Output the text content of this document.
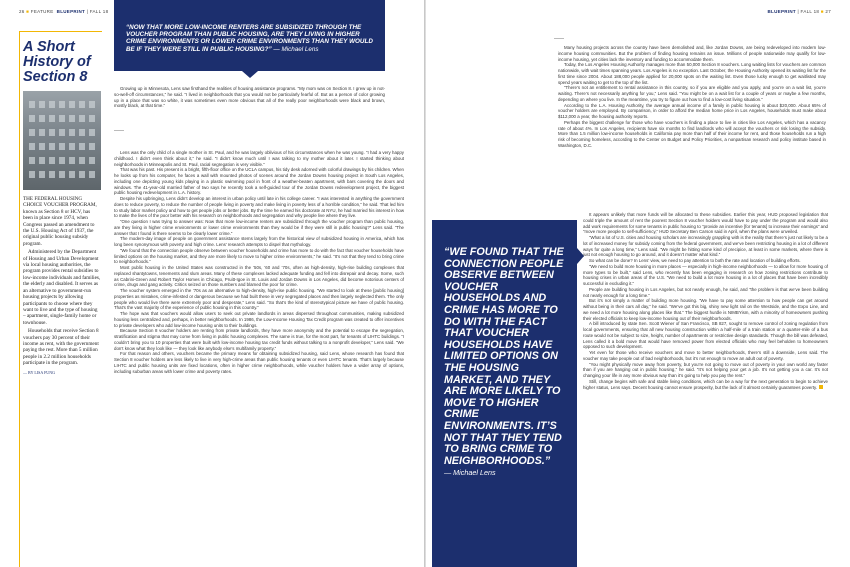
26 ■ FEATURE BLUEPRINT | FALL 18
“NOW THAT MORE LOW-INCOME RENTERS ARE SUBSIDIZED THROUGH THE VOUCHER PROGRAM THAN PUBLIC HOUSING, ARE THEY LIVING IN HIGHER CRIME ENVIRONMENTS OR LOWER CRIME ENVIRONMENTS THAN THEY WOULD BE IF THEY WERE STILL IN PUBLIC HOUSING?” — Michael Lens
A Short History of Section 8

THE FEDERAL HOUSING CHOICE VOUCHER PROGRAM, known as Section 8 or HCV, has been in place since 1974, when Congress passed an amendment to the U.S. Housing Act of 1937, the original public housing subsidy program.

Administered by the Department of Housing and Urban Development via local housing authorities, the program provides rental subsidies to low-income individuals and families, the elderly and disabled. It serves as an alternative to government-run housing projects by allowing participants to choose where they want to live and the type of housing – apartment, single-family home or townhouse.

Households that receive Section 8 vouchers pay 30 percent of their income as rent, with the government paying the rest. More than 5 million people in 2.2 million households participate in the program.

— BY LISA FUNG

Growing up in Minnesota, Lens saw firsthand the realities of housing assistance programs. “My mom was on Section 8. I grew up in not-so-well-off circumstances,” he said. “I lived in neighborhoods that you would not be particularly fearful of. But as a person of color growing up in a place that was so white, it was sometimes even more obvious that all of the really poor neighborhoods were black and brown, mostly black, at that time.”

Lens was the only child of a single mother in St. Paul, and he was largely oblivious of his circumstances when he was young. “I had a very happy childhood. I didn’t even think about it,” he said. “I didn’t know much until I was talking to my mother about it later. I started thinking about neighborhoods in Minneapolis and St. Paul, racial segregation is very visible.”

That was his past. His present is a bright, fifth-floor office on the UCLA campus, his tidy desk adorned with colorful drawings by his children. When he looks up from his computer, he faces a wall with mounted photos of scenes around the Jordan Downs housing project in South Los Angeles, including one depicting young kids playing in a plastic swimming pool in front of a weather-beaten apartment, with bars covering the doors and windows. The 41-year-old married father of two says he recently took a self-guided tour of the Jordan Downs redevelopment project, the biggest public housing redevelopment in L.A. history.

Despite his upbringing, Lens didn’t develop an interest in urban policy until late in his college career. “I was interested in anything the government does to reduce poverty, to reduce the number of people living in poverty and make living in poverty less of a horrible condition,” he said. That led him to study labor market policy and how to get people jobs or better jobs. By the time he earned his doctorate at NYU, he had married his interest in how to make the lives of the poor better with his research on neighborhoods and segregation and why people live where they live.

“One question I was trying to answer was: Now that more low-income renters are subsidized through the voucher program than public housing, are they living in higher crime environments or lower crime environments than they would be if they were still in public housing?” Lens said. “The answer that I found is there seems to be clearly lower crime.”

The modern-day image of people on government assistance stems largely from the historical view of subsidized housing in America, which has long been synonymous with poverty and high crime. Lens’ research attempts to dispel that mythology.

“We found that the connection people observe between voucher households and crime has more to do with the fact that voucher households have limited options on the housing market, and they are more likely to move to higher crime environments,” he said. “It’s not that they tend to bring crime to neighborhoods.”

Most public housing in the United States was constructed in the ’50s, ’60 and ’70s, often as high-density, high-rise building complexes that replaced shantytowns, tenements and slum areas. Many of these complexes lacked adequate funding and fell into disrepair and decay. Some, such as Cabrini-Green and Robert Taylor Homes in Chicago, Pruitt-Igoe in St. Louis and Jordan Downs in Los Angeles, did become notorious centers of crime, drugs and gang activity. Critics seized on those numbers and blamed the poor for crime.

The voucher system emerged in the ’70s as an alternative to high-density, high-rise public housing. “We started to look at these [public housing] properties as mistakes, crime-infested or dangerous because we had built these in very segregated places and then largely neglected them. The only people who would live there were extremely poor and desperate,” Lens said. “So that’s the kind of stereotypical picture we have of public housing. That’s the vast majority of the experience of public housing in this country.”

The hope was that vouchers would allow users to seek out private landlords in areas dispersed throughout communities, making subsidized housing less centralized and, perhaps, in better neighborhoods. In 1986, the Low-Income Housing Tax Credit program was created to offer incentives to private developers who add low-income housing units to their buildings.

Because Section 8 voucher holders are renting from private landlords, they have more anonymity and the potential to escape the segregation, stratification and stigma that may come from living in public housing complexes. The same is true, for the most part, for tenants of LIHTC buildings. “I couldn’t bring you to 10 properties that were built with low-income housing tax credit funds without talking to a nonprofit developer,” Lens said. “We don’t know what they look like — they look like anybody else’s multifamily property.”

For that reason and others, vouchers became the primary means for obtaining subsidized housing, said Lens, whose research has found that Section 8 voucher holders are less likely to live in very high-crime areas than public housing tenants or even LIHTC tenants. That’s largely because LIHTC and public housing units are fixed locations, often in higher crime neighborhoods, while voucher holders have a wider array of options, including suburban areas with lower crime and poverty rates.

BLUEPRINT | FALL 18 ■ 27

Many housing projects across the country have been demolished and, like Jordan Downs, are being redeveloped into modern low-income housing communities. But the problem of finding housing remains an issue. Millions of people nationwide may qualify for low-income housing, yet cities lack the inventory and funding to accommodate them.

Today, the Los Angeles Housing Authority manages more than 50,000 Section 8 vouchers. Long waiting lists for vouchers are common nationwide, with wait times spanning years. Los Angeles is no exception. Last October, the Housing Authority opened its waiting list for the first time since 2004. About 188,000 people applied for 20,000 spots on the waiting list. Even those lucky enough to get waitlisted may spend years waiting to get to the top of the list.

“There’s not an entitlement to rental assistance in this country, so if you are eligible and you apply, and you’re on a wait list, you’re waiting. There’s not necessarily anything for you,” Lens said. “You might be on a wait list for a couple of years or maybe a few months, depending on where you live. In the meantime, you try to figure out how to find a low-cost living situation.”

According to the L.A. Housing Authority, the average annual income of a family in public housing is about $20,000. About 65% of voucher holders are employed. By comparison, in order to afford the median home price in Los Angeles, households must make about $112,000 a year, the housing authority reports.

Perhaps the biggest challenge for those who have vouchers is finding a place to live in cities like Los Angeles, which has a vacancy rate of about 4%. In Los Angeles, recipients have six months to find landlords who will accept the vouchers or risk losing the subsidy. More than 1.5 million low-income households in California pay more than half of their income for rent, and those households run a high risk of becoming homeless, according to the Center on Budget and Policy Priorities, a nonpartisan research and policy institute based in Washington, D.C.

It appears unlikely that more funds will be allocated to these subsidies. Earlier this year, HUD proposed legislation that could triple the amount of rent the poorest Section 8 voucher holders would have to pay under the program and would also add work requirements for some tenants in public housing to “provide an incentive [for tenants] to increase their earnings” and “move more people to self-sufficiency,” HUD Secretary Ben Carson said in April, when the plans were unveiled.

“What a lot of U.S. cities and housing scholars are increasingly grappling with is the reality that there’s just not likely to be a lot of increased money for subsidy coming from the federal government, and we’ve been restricting housing in a lot of different ways for quite a long time,” Lens said. “We might be hitting some kind of precipice, at least in some markets, where there is just not enough housing to go around, and it doesn’t matter what kind.”

So what can be done? In Lens’ view, we need to pay attention to both the rate and location of building efforts.

“We need to build more housing in more places — especially in high-income neighborhoods — to allow for more housing of more types to be built,” said Lens, who recently has been engaging in research on how zoning restrictions contribute to housing crises in urban areas of the U.S. “We need to build a lot more housing in a lot of places that have been incredibly successful in excluding it.”

People are building housing in Los Angeles, but not nearly enough, he said, and “the problem is that we’ve been building not nearly enough for a long time.”

But it’s not simply a matter of building more housing. “We have to pay some attention to how people can get around without being in their cars all day,” he said. “We’ve got this big, shiny new light rail on the Westside, and the Expo Line, and we need a lot more housing along places like that.” The biggest hurdle is NIMBYism, with a minority of homeowners pushing their elected officials to keep low-income housing out of their neighborhoods.

A bill introduced by state Sen. Scott Wiener of San Francisco, SB 827, sought to remove control of zoning regulation from local governments, ensuring that all new housing construction within a half-mile of a train station or a quarter-mile of a bus route would not be subject to size, height, number of apartments or restrictive design standards. Though the bill was defeated, Lens called it a bold move that would have removed power from elected officials who may feel beholden to homeowners opposed to such development.

Yet even for those who receive vouchers and move to better neighborhoods, there’s still a downside, Lens said. The voucher may take people out of bad neighborhoods, but it’s not enough to move an adult out of poverty.

“You might physically move away from poverty, but you’re not going to move out of poverty in your own world any faster than if you are hanging out in public housing,” he said. “It’s not helping your get a job. It’s not getting you a car. It’s not changing your life in any more obvious way than it’s going to help you pay the rent.”

Still, change begins with safe and stable living conditions, which can be a way for the next generation to begin to achieve higher status, Lens says. Decent housing cannot ensure prosperity, but the lack of it almost certainly guarantees poverty.

“WE FOUND THAT THE CONNECTION PEOPLE OBSERVE BETWEEN VOUCHER HOUSEHOLDS AND CRIME HAS MORE TO DO WITH THE FACT THAT VOUCHER HOUSEHOLDS HAVE LIMITED OPTIONS ON THE HOUSING MARKET, AND THEY ARE MORE LIKELY TO MOVE TO HIGHER CRIME ENVIRONMENTS. IT’S NOT THAT THEY TEND TO BRING CRIME TO NEIGHBORHOODS.”
— Michael Lens
